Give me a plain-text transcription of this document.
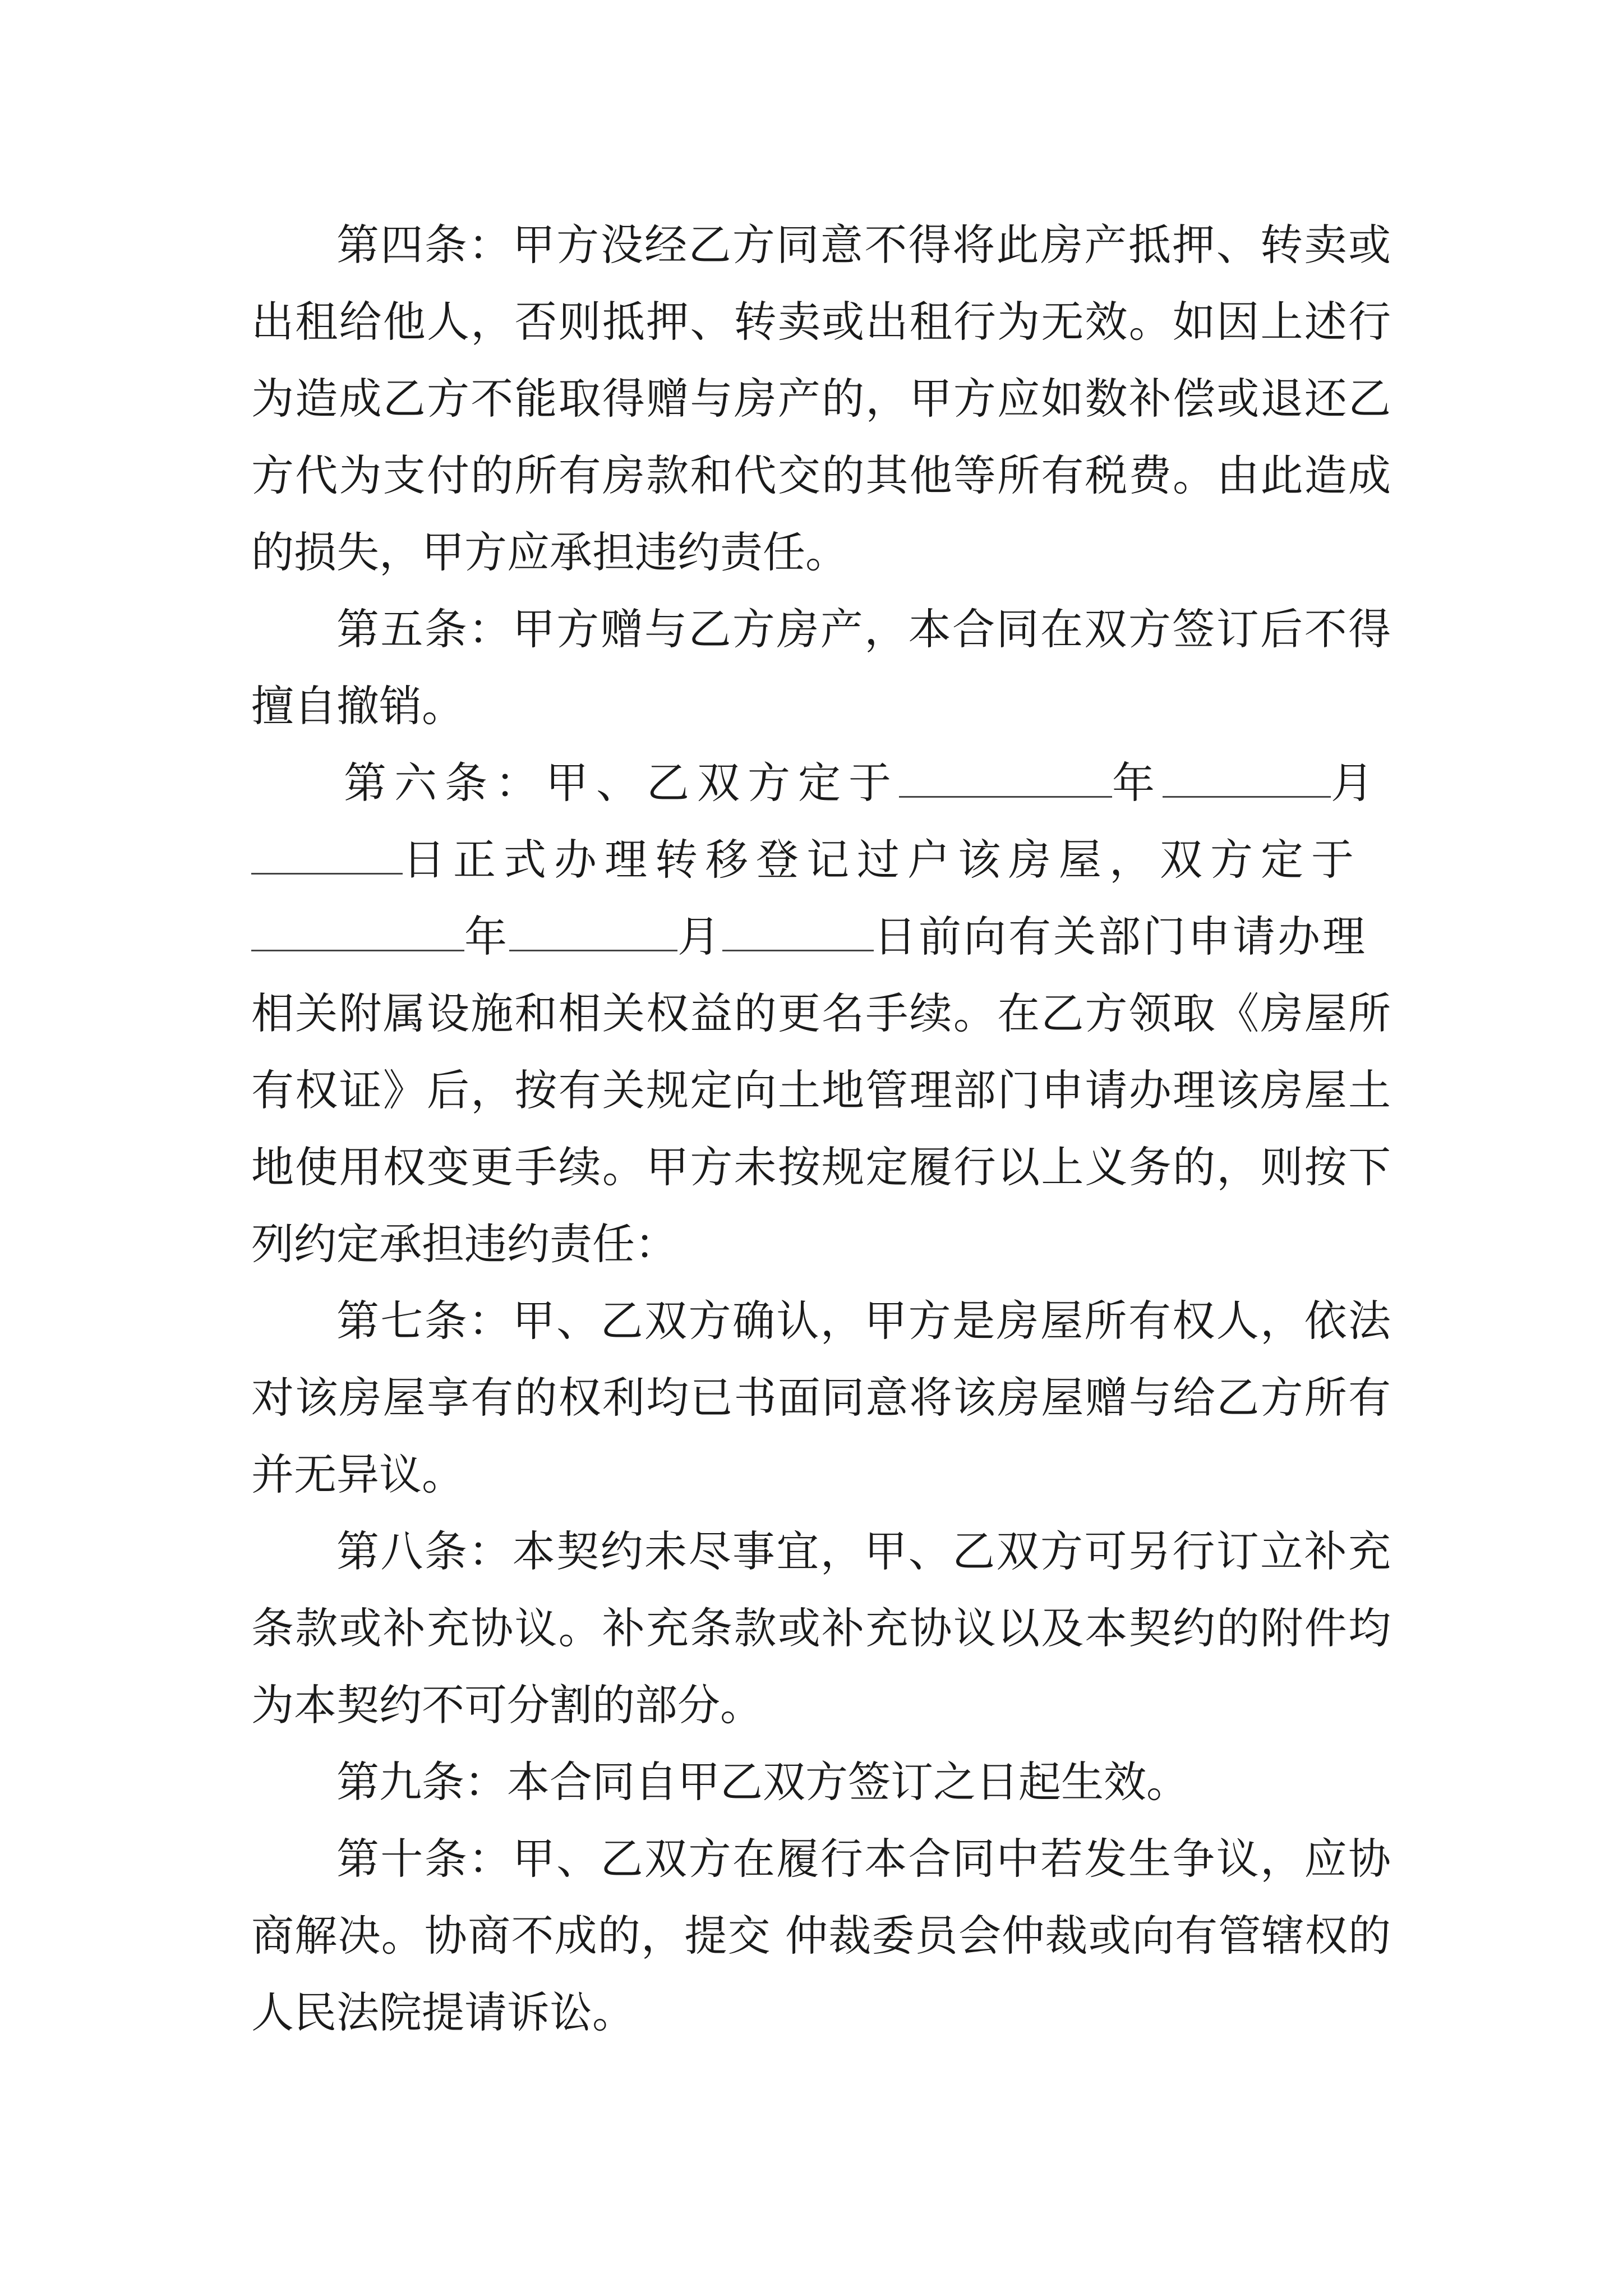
第四条：甲方没经乙方同意不得将此房产抵押、转卖或出租给他人，否则抵押、转卖或出租行为无效。如因上述行为造成乙方不能取得赠与房产的，甲方应如数补偿或退还乙方代为支付的所有房款和代交的其他等所有税费。由此造成的损失，甲方应承担违约责任。

第五条：甲方赠与乙方房产，本合同在双方签订后不得擅自撤销。

第六条：甲、乙双方定于	年	月
日正式办理转移登记过户该房屋，双方定于
年	月	日前向有关部门申请办理
相关附属设施和相关权益的更名手续。在乙方领取《房屋所有权证》后，按有关规定向土地管理部门申请办理该房屋土地使用权变更手续。甲方未按规定履行以上义务的，则按下列约定承担违约责任：

第七条：甲、乙双方确认，甲方是房屋所有权人，依法对该房屋享有的权利均已书面同意将该房屋赠与给乙方所有并无异议。

第八条：本契约未尽事宜，甲、乙双方可另行订立补充条款或补充协议。补充条款或补充协议以及本契约的附件均为本契约不可分割的部分。

第九条：本合同自甲乙双方签订之日起生效。

第十条：甲、乙双方在履行本合同中若发生争议，应协商解决。协商不成的，提交 仲裁委员会仲裁或向有管辖权的人民法院提请诉讼。
